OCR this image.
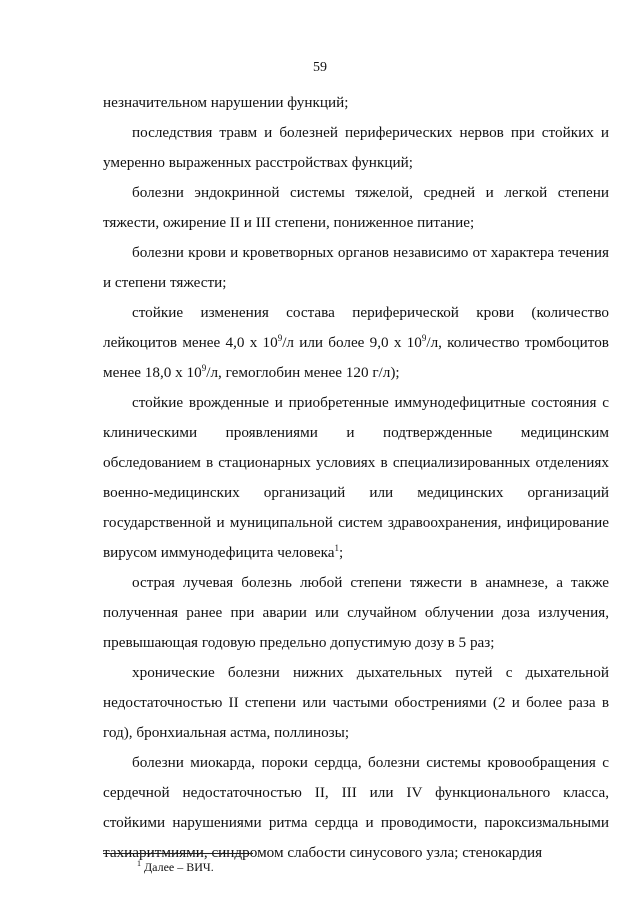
59

незначительном нарушении функций;

последствия травм и болезней периферических нервов при стойких и умеренно выраженных расстройствах функций;

болезни эндокринной системы тяжелой, средней и легкой степени тяжести, ожирение II и III степени, пониженное питание;

болезни крови и кроветворных органов независимо от характера течения и степени тяжести;

стойкие изменения состава периферической крови (количество лейкоцитов менее 4,0 х $10^9/л$ или более 9,0 х $10^9/л$, количество тромбоцитов менее 18,0 х $10^9/л$, гемоглобин менее 120 г/л);

стойкие врожденные и приобретенные иммунодефицитные состояния с клиническими проявлениями и подтвержденные медицинским обследованием в стационарных условиях в специализированных отделениях военно-медицинских организаций или медицинских организаций государственной и муниципальной систем здравоохранения, инфицирование вирусом иммунодефицита человека$^1$;

острая лучевая болезнь любой степени тяжести в анамнезе, а также полученная ранее при аварии или случайном облучении доза излучения, превышающая годовую предельно допустимую дозу в 5 раз;

хронические болезни нижних дыхательных путей с дыхательной недостаточностью II степени или частыми обострениями (2 и более раза в год), бронхиальная астма, поллинозы;

болезни миокарда, пороки сердца, болезни системы кровообращения с сердечной недостаточностью II, III или IV функционального класса, стойкими нарушениями ритма сердца и проводимости, пароксизмальными тахиаритмиями, синдромом слабости синусового узла; стенокардия

$^1$ Далее – ВИЧ.
